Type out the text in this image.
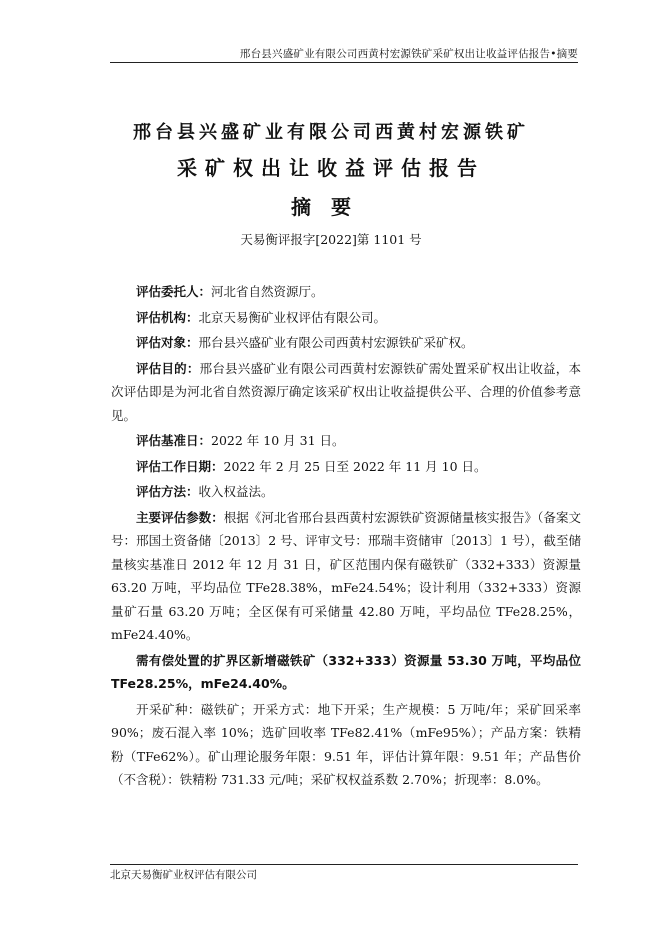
邢台县兴盛矿业有限公司西黄村宏源铁矿采矿权出让收益评估报告•摘要
邢台县兴盛矿业有限公司西黄村宏源铁矿
采矿权出让收益评估报告
摘要
天易衡评报字[2022]第 1101 号

评估委托人：河北省自然资源厅。

评估机构：北京天易衡矿业权评估有限公司。

评估对象：邢台县兴盛矿业有限公司西黄村宏源铁矿采矿权。

评估目的：邢台县兴盛矿业有限公司西黄村宏源铁矿需处置采矿权出让收益，本次评估即是为河北省自然资源厅确定该采矿权出让收益提供公平、合理的价值参考意见。

评估基准日：2022 年 10 月 31 日。

评估工作日期：2022 年 2 月 25 日至 2022 年 11 月 10 日。

评估方法：收入权益法。

主要评估参数：根据《河北省邢台县西黄村宏源铁矿资源储量核实报告》（备案文号：邢国土资备储〔2013〕2 号、评审文号：邢瑞丰资储审〔2013〕1 号），截至储量核实基准日 2012 年 12 月 31 日，矿区范围内保有磁铁矿（332+333）资源量 63.20 万吨，平均品位 TFe28.38%，mFe24.54%；设计利用（332+333）资源量矿石量 63.20 万吨；全区保有可采储量 42.80 万吨，平均品位 TFe28.25%，mFe24.40%。

需有偿处置的扩界区新增磁铁矿（332+333）资源量 53.30 万吨，平均品位 TFe28.25%，mFe24.40%。

开采矿种：磁铁矿；开采方式：地下开采；生产规模：5 万吨/年；采矿回采率 90%；废石混入率 10%；选矿回收率 TFe82.41%（mFe95%）；产品方案：铁精粉（TFe62%）。矿山理论服务年限：9.51 年，评估计算年限：9.51 年；产品售价（不含税）：铁精粉 731.33 元/吨；采矿权权益系数 2.70%；折现率：8.0%。

北京天易衡矿业权评估有限公司
